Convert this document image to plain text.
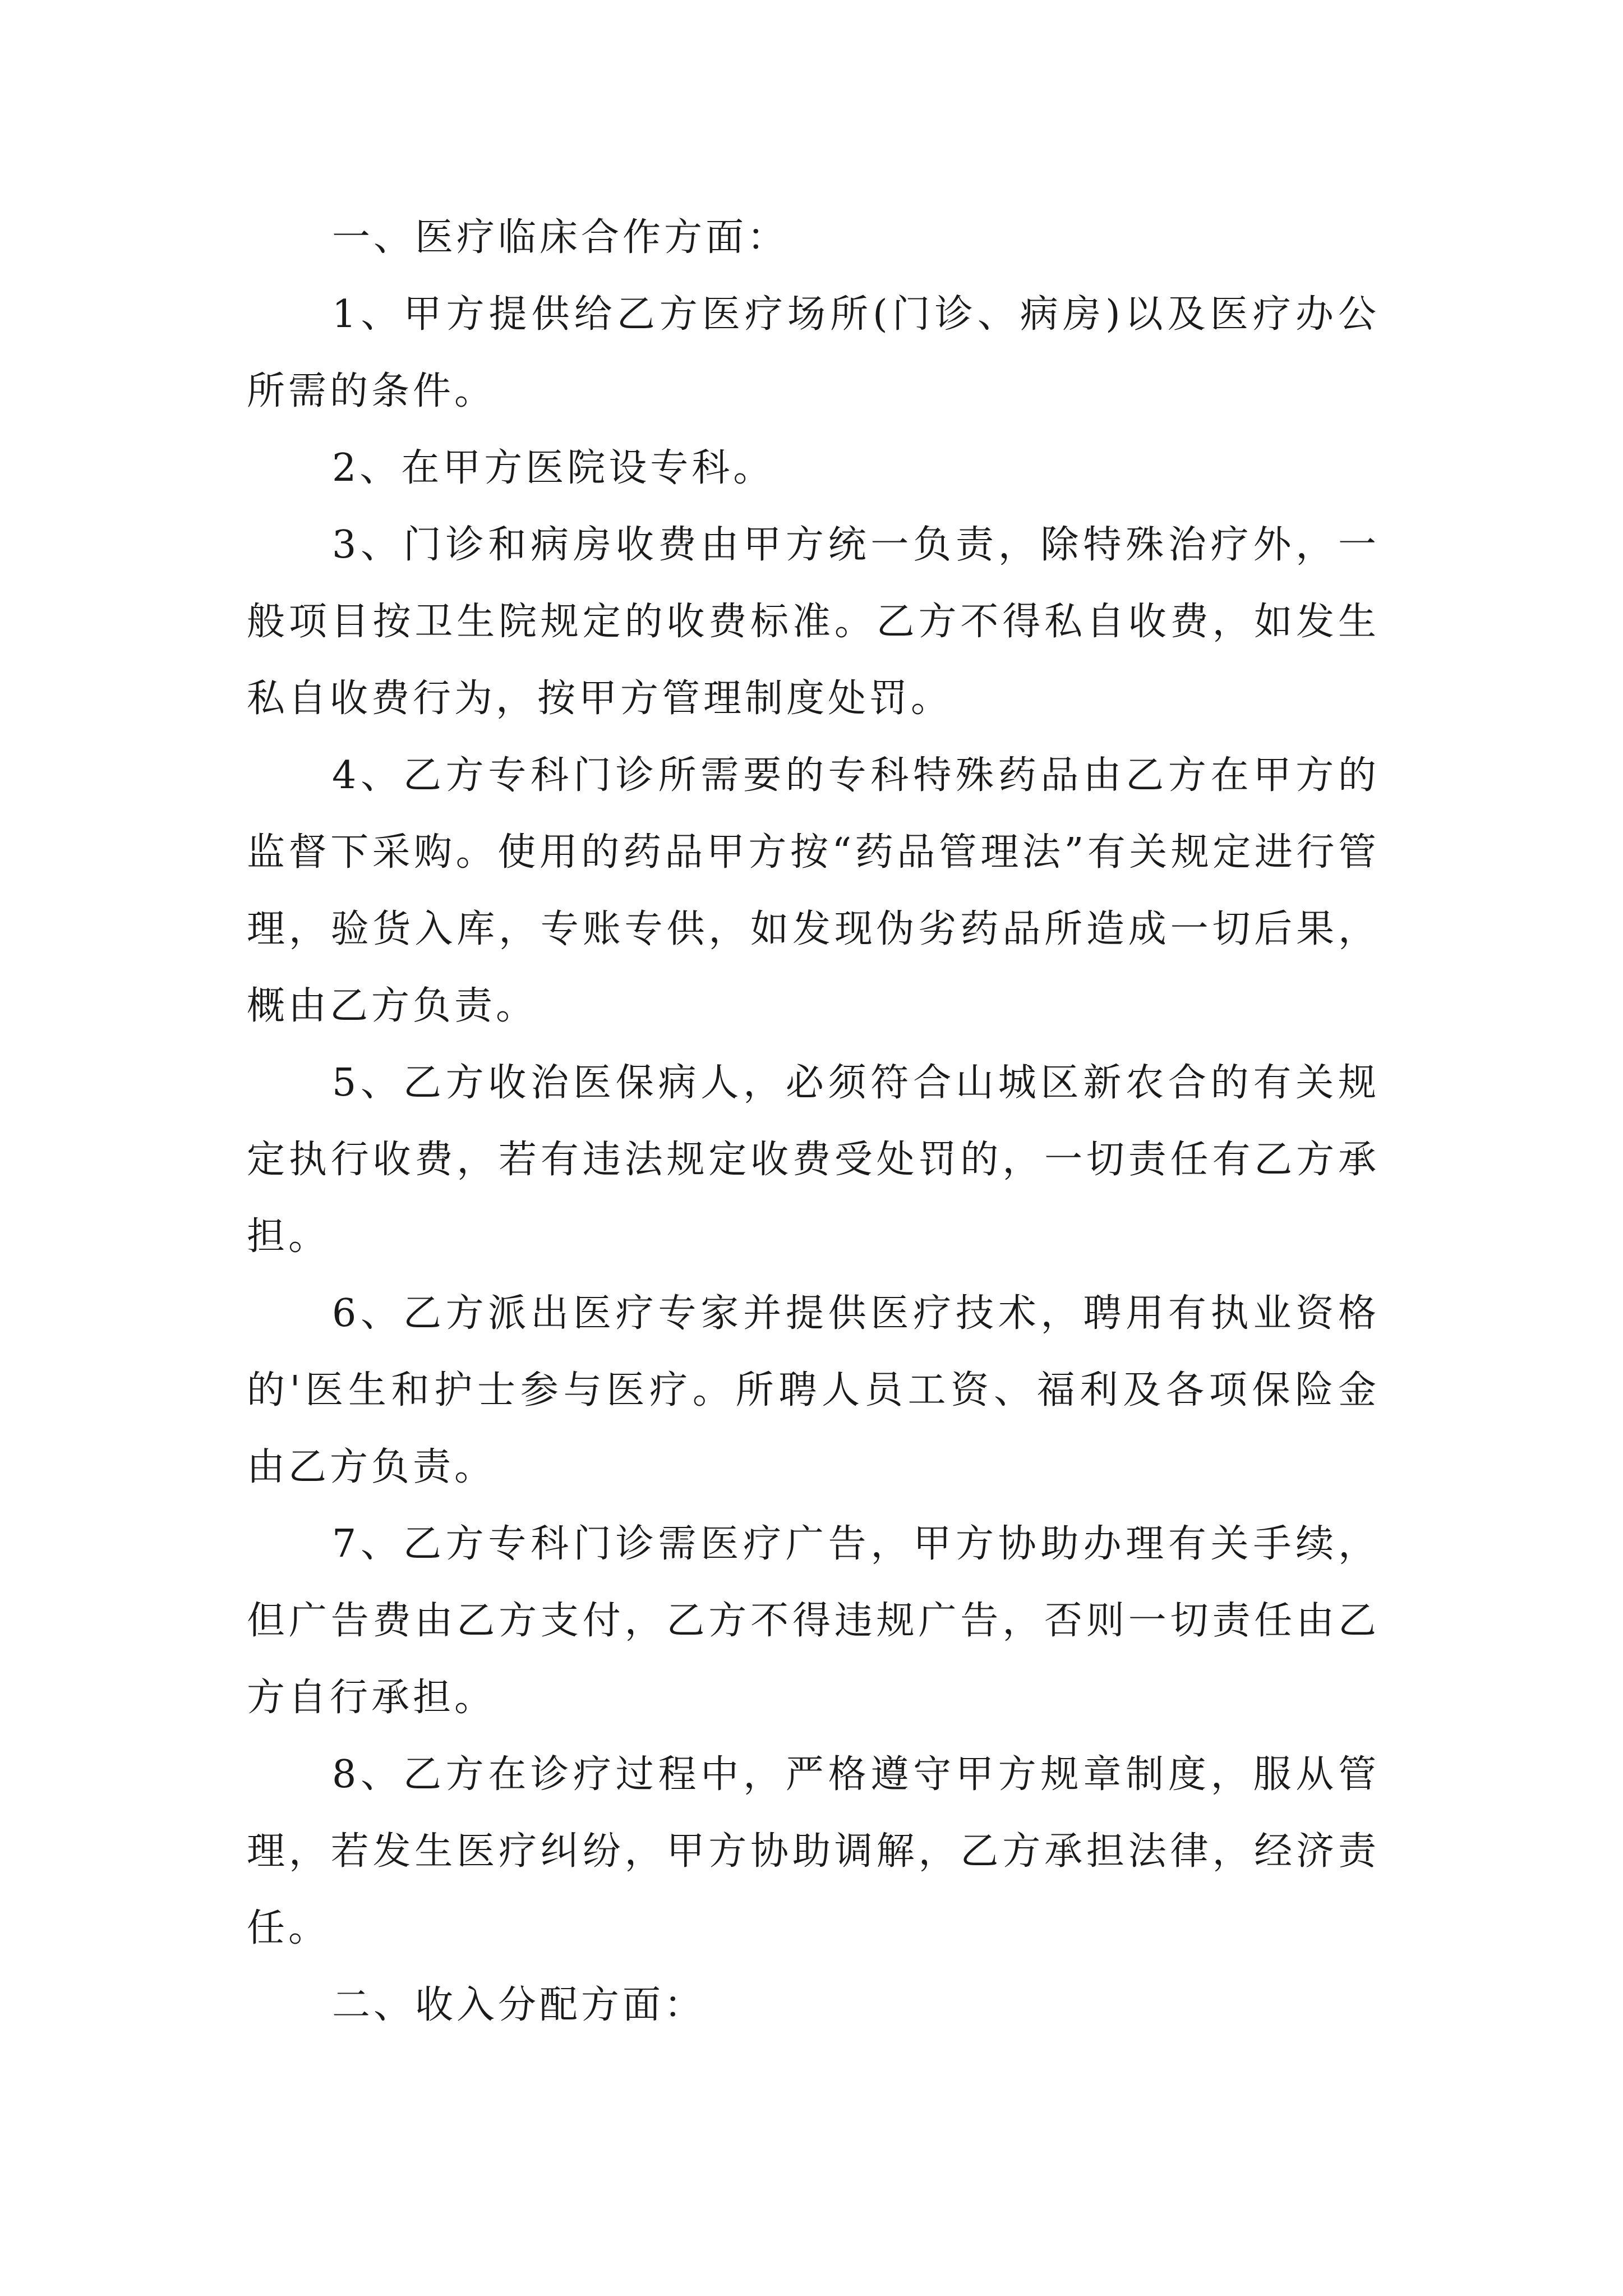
一、医疗临床合作方面：

1、甲方提供给乙方医疗场所(门诊、病房)以及医疗办公所需的条件。

2、在甲方医院设专科。

3、门诊和病房收费由甲方统一负责，除特殊治疗外，一般项目按卫生院规定的收费标准。乙方不得私自收费，如发生私自收费行为，按甲方管理制度处罚。

4、乙方专科门诊所需要的专科特殊药品由乙方在甲方的监督下采购。使用的药品甲方按“药品管理法”有关规定进行管理，验货入库，专账专供，如发现伪劣药品所造成一切后果，概由乙方负责。

5、乙方收治医保病人，必须符合山城区新农合的有关规定执行收费，若有违法规定收费受处罚的，一切责任有乙方承担。

6、乙方派出医疗专家并提供医疗技术，聘用有执业资格的'医生和护士参与医疗。所聘人员工资、福利及各项保险金由乙方负责。

7、乙方专科门诊需医疗广告，甲方协助办理有关手续，但广告费由乙方支付，乙方不得违规广告，否则一切责任由乙方自行承担。

8、乙方在诊疗过程中，严格遵守甲方规章制度，服从管理，若发生医疗纠纷，甲方协助调解，乙方承担法律，经济责任。

二、收入分配方面：
